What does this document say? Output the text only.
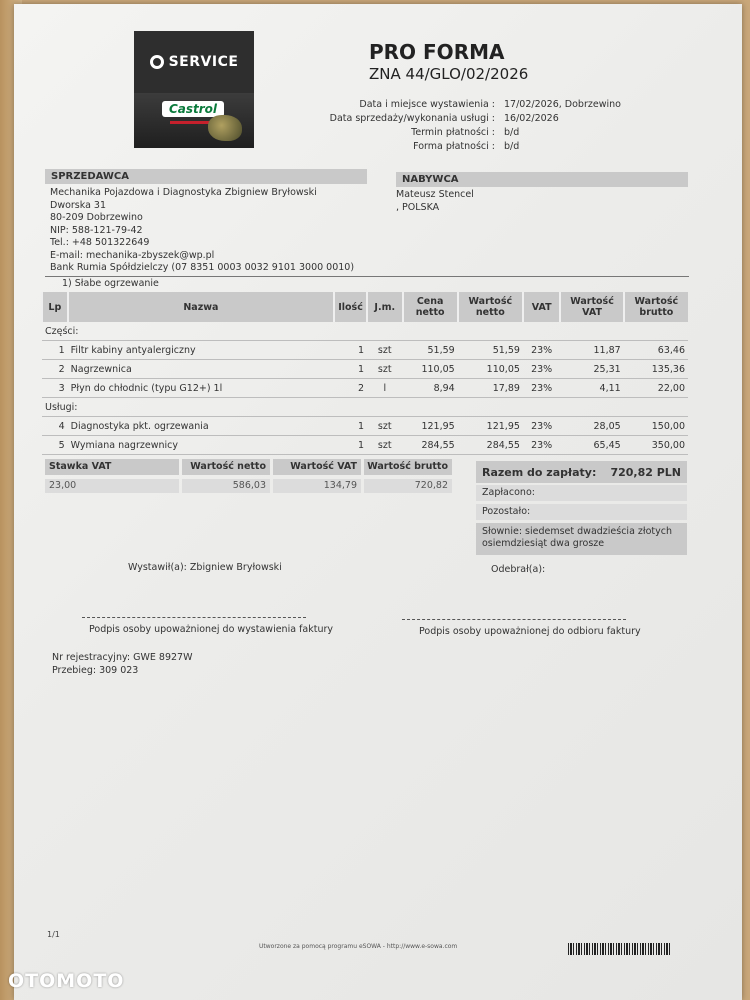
SERVICE
Castrol
PRO FORMA
ZNA 44/GLO/02/2026
Data i miejsce wystawienia : 17/02/2026, Dobrzewino
Data sprzedaży/wykonania usługi : 16/02/2026
Termin płatności : b/d
Forma płatności : b/d
SPRZEDAWCA
Mechanika Pojazdowa i Diagnostyka Zbigniew Bryłowski
Dworska 31
80-209 Dobrzewino
NIP: 588-121-79-42
Tel.: +48 501322649
E-mail: mechanika-zbyszek@wp.pl
Bank Rumia Spółdzielczy (07 8351 0003 0032 9101 3000 0010)
NABYWCA
Mateusz Stencel
, POLSKA
1) Słabe ogrzewanie
Lp	Nazwa	Ilość	J.m.	Cena netto	Wartość netto	VAT	Wartość VAT	Wartość brutto
Części:								
1	Filtr kabiny antyalergiczny	1	szt	51,59	51,59	23%	11,87	63,46
2	Nagrzewnica	1	szt	110,05	110,05	23%	25,31	135,36
3	Płyn do chłodnic (typu G12+) 1l	2	l	8,94	17,89	23%	4,11	22,00
Usługi:								
4	Diagnostyka pkt. ogrzewania	1	szt	121,95	121,95	23%	28,05	150,00
5	Wymiana nagrzewnicy	1	szt	284,55	284,55	23%	65,45	350,00
Stawka VAT	Wartość netto	Wartość VAT	Wartość brutto
23,00	586,03	134,79	720,82
Razem do zapłaty: 720,82 PLN
Zapłacono:
Pozostało:
Słownie: siedemset dwadzieścia złotych osiemdziesiąt dwa grosze
Wystawił(a): Zbigniew Bryłowski	Odebrał(a):
Podpis osoby upoważnionej do wystawienia faktury	Podpis osoby upoważnionej do odbioru faktury
Nr rejestracyjny: GWE 8927W
Przebieg: 309 023
1/1
Utworzone za pomocą programu eSOWA - http://www.e-sowa.com
OTOMOTO
